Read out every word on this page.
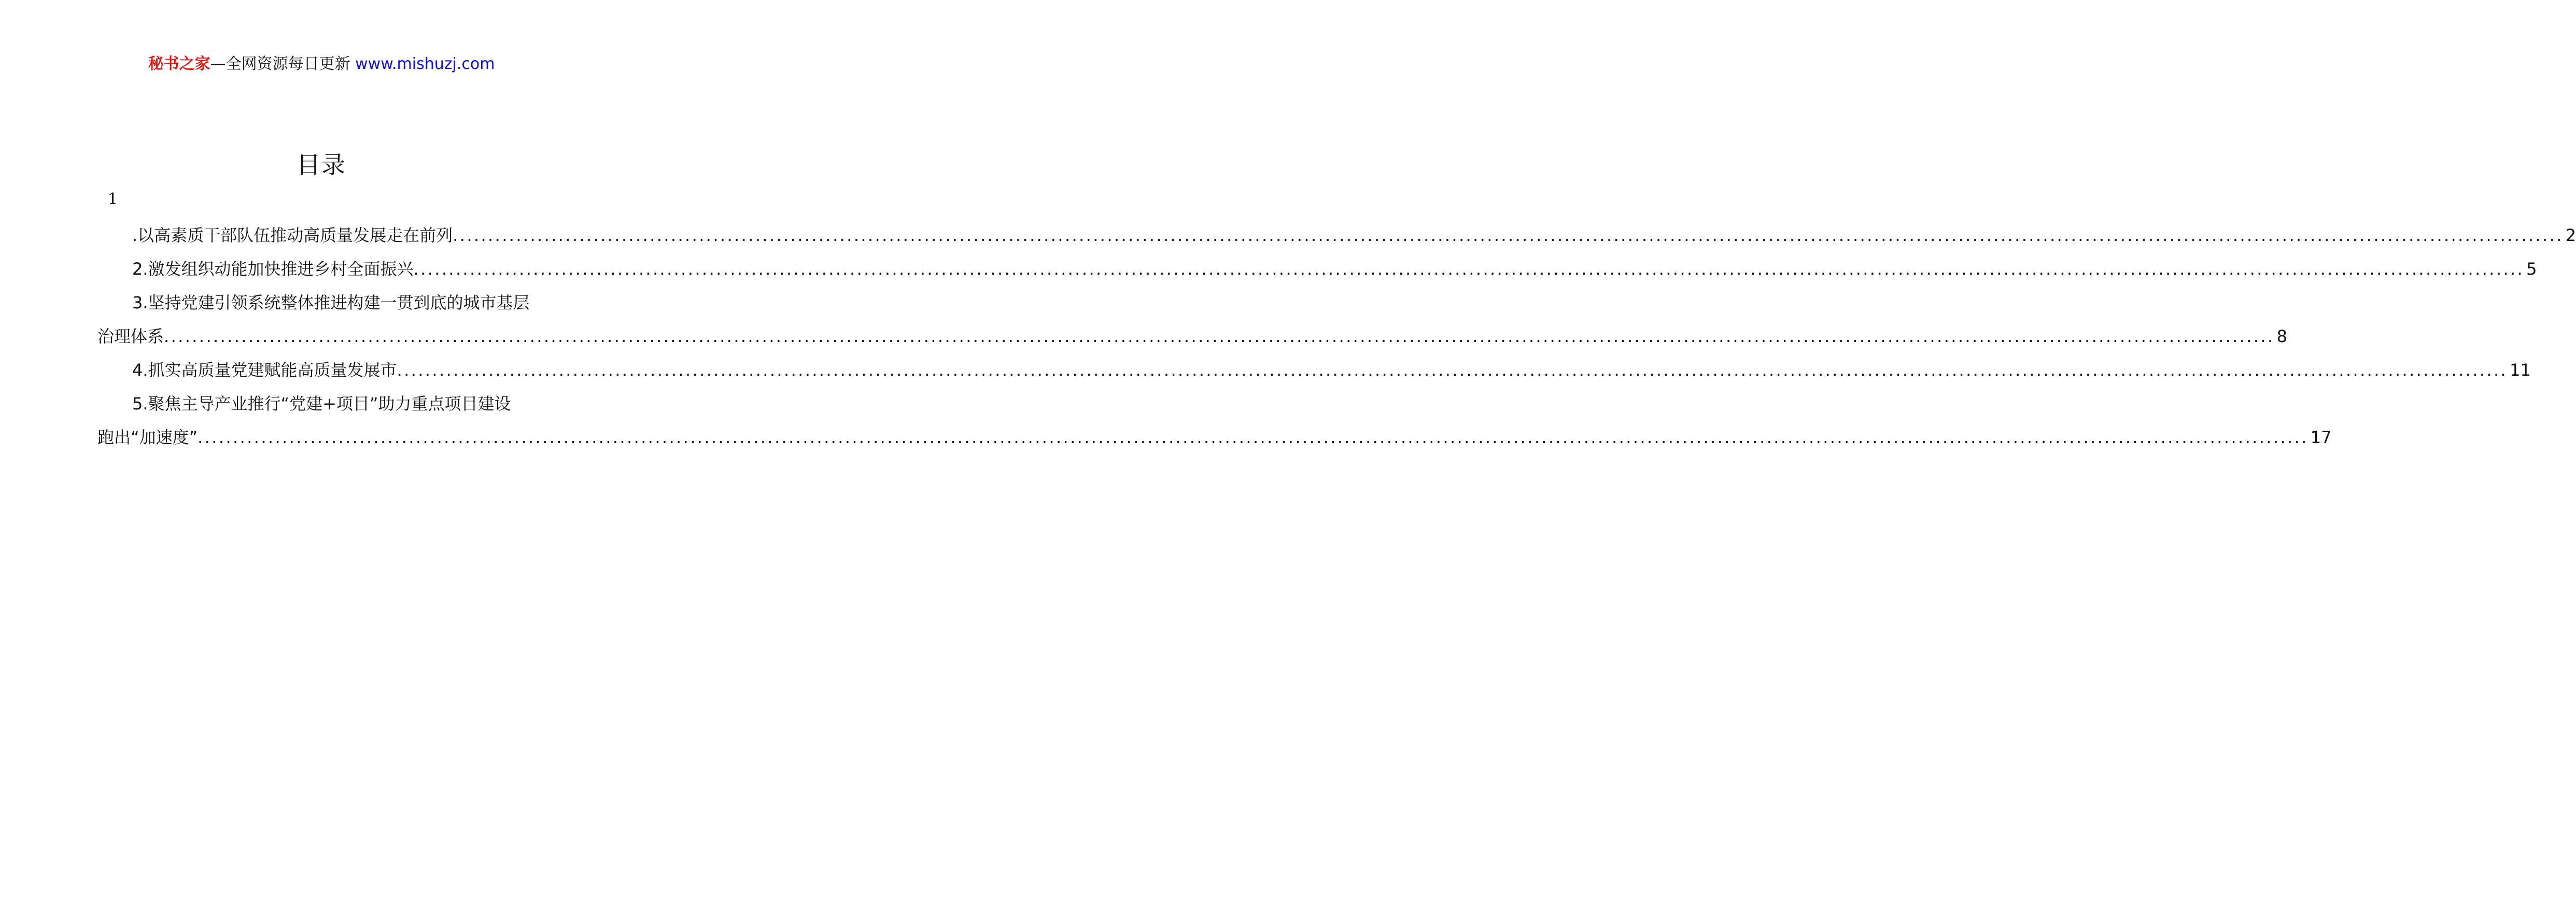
秘书之家—全网资源每日更新 www.mishuzj.com
目录
1
.以高素质干部队伍推动高质量发展走在前列 ............................................................................................................................................................................................................................................................................................................ 2
2.激发组织动能加快推进乡村全面振兴 ............................................................................................................................................................................................................................................................................................................ 5
3.坚持党建引领系统整体推进构建一贯到底的城市基层
治理体系 ............................................................................................................................................................................................................................................................................................................ 8
4.抓实高质量党建赋能高质量发展市 ............................................................................................................................................................................................................................................................................................................ 11
5.聚焦主导产业推行“党建+项目”助力重点项目建设
跑出“加速度” ............................................................................................................................................................................................................................................................................................................ 17
